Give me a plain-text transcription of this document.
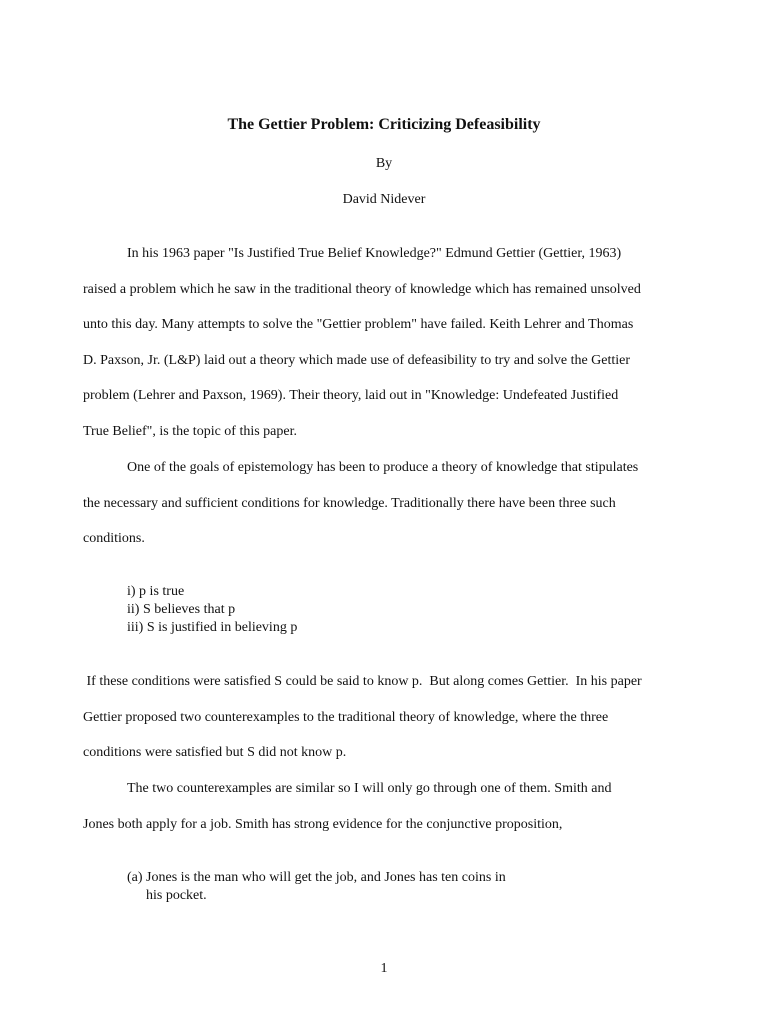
The Gettier Problem: Criticizing Defeasibility
By
David Nidever

In his 1963 paper "Is Justified True Belief Knowledge?" Edmund Gettier (Gettier, 1963)
raised a problem which he saw in the traditional theory of knowledge which has remained unsolved
unto this day. Many attempts to solve the "Gettier problem" have failed. Keith Lehrer and Thomas
D. Paxson, Jr. (L&P) laid out a theory which made use of defeasibility to try and solve the Gettier
problem (Lehrer and Paxson, 1969). Their theory, laid out in "Knowledge: Undefeated Justified
True Belief", is the topic of this paper.

One of the goals of epistemology has been to produce a theory of knowledge that stipulates
the necessary and sufficient conditions for knowledge. Traditionally there have been three such
conditions.

i) p is true
ii) S believes that p
iii) S is justified in believing p

If these conditions were satisfied S could be said to know p.  But along comes Gettier.  In his paper
Gettier proposed two counterexamples to the traditional theory of knowledge, where the three
conditions were satisfied but S did not know p.

The two counterexamples are similar so I will only go through one of them. Smith and
Jones both apply for a job. Smith has strong evidence for the conjunctive proposition,

(a) Jones is the man who will get the job, and Jones has ten coins in
his pocket.
1
